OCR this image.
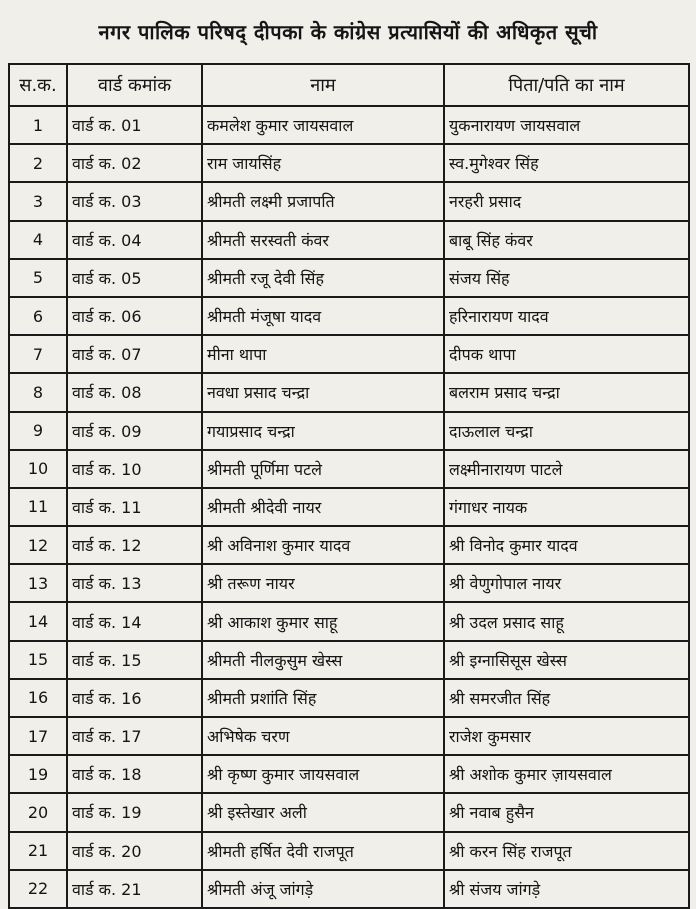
नगर पालिक परिषद् दीपका के कांग्रेस प्रत्यासियों की अधिकृत सूची
स.क.	वार्ड कमांक	नाम	पिता/पति का नाम
1	वार्ड क. 01	कमलेश कुमार जायसवाल	युकनारायण जायसवाल
2	वार्ड क. 02	राम जायसिंह	स्व.मुगेश्वर सिंह
3	वार्ड क. 03	श्रीमती लक्ष्मी प्रजापति	नरहरी प्रसाद
4	वार्ड क. 04	श्रीमती सरस्वती कंवर	बाबू सिंह कंवर
5	वार्ड क. 05	श्रीमती रजू देवी सिंह	संजय सिंह
6	वार्ड क. 06	श्रीमती मंजूषा यादव	हरिनारायण यादव
7	वार्ड क. 07	मीना थापा	दीपक थापा
8	वार्ड क. 08	नवधा प्रसाद चन्द्रा	बलराम प्रसाद चन्द्रा
9	वार्ड क. 09	गयाप्रसाद चन्द्रा	दाऊलाल चन्द्रा
10	वार्ड क. 10	श्रीमती पूर्णिमा पटले	लक्ष्मीनारायण पाटले
11	वार्ड क. 11	श्रीमती श्रीदेवी नायर	गंगाधर नायक
12	वार्ड क. 12	श्री अविनाश कुमार यादव	श्री विनोद कुमार यादव
13	वार्ड क. 13	श्री तरूण नायर	श्री वेणुगोपाल नायर
14	वार्ड क. 14	श्री आकाश कुमार साहू	श्री उदल प्रसाद साहू
15	वार्ड क. 15	श्रीमती नीलकुसुम खेस्स	श्री इग्नासिसूस खेस्स
16	वार्ड क. 16	श्रीमती प्रशांति सिंह	श्री समरजीत सिंह
17	वार्ड क. 17	अभिषेक चरण	राजेश कुमसार
19	वार्ड क. 18	श्री कृष्ण कुमार जायसवाल	श्री अशोक कुमार ज़ायसवाल
20	वार्ड क. 19	श्री इस्तेखार अली	श्री नवाब हुसैन
21	वार्ड क. 20	श्रीमती हर्षित देवी राजपूत	श्री करन सिंह राजपूत
22	वार्ड क. 21	श्रीमती अंजू जांगड़े	श्री संजय जांगड़े
